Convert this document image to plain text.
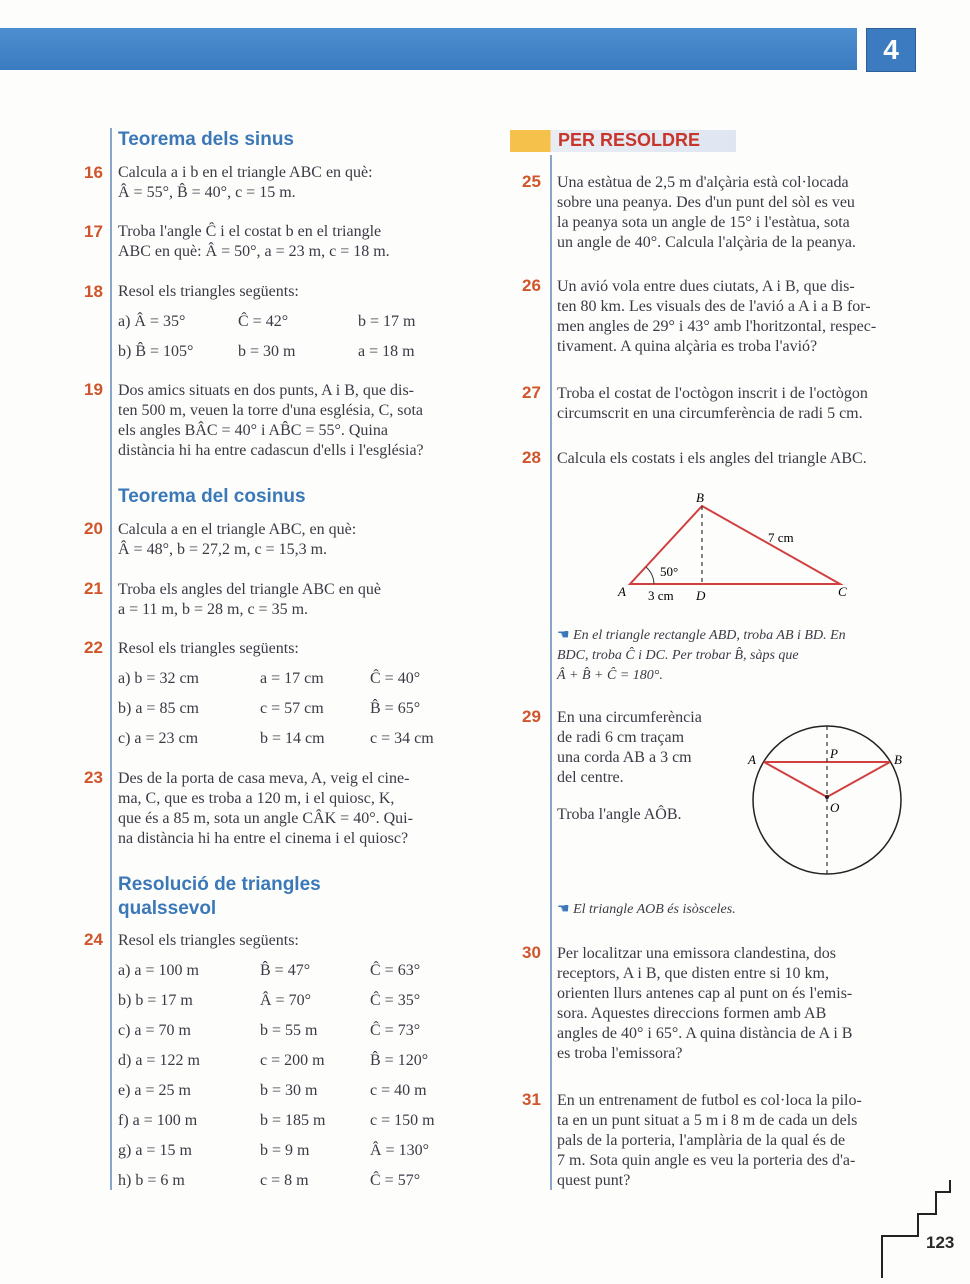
4
Teorema dels sinus
16 Calcula a i b en el triangle ABC en què:
Â = 55°, B̂ = 40°, c = 15 m.
17 Troba l'angle Ĉ i el costat b en el triangle
ABC en què: Â = 50°, a = 23 m, c = 18 m.
18 Resol els triangles següents:
a) Â = 35°	Ĉ = 42°	b = 17 m
b) B̂ = 105°	b = 30 m	a = 18 m
19 Dos amics situats en dos punts, A i B, que dis-
ten 500 m, veuen la torre d'una església, C, sota
els angles BÂC = 40° i AB̂C = 55°. Quina
distància hi ha entre cadascun d'ells i l'església?
Teorema del cosinus
20 Calcula a en el triangle ABC, en què:
Â = 48°, b = 27,2 m, c = 15,3 m.
21 Troba els angles del triangle ABC en què
a = 11 m, b = 28 m, c = 35 m.
22 Resol els triangles següents:
a) b = 32 cm	a = 17 cm	Ĉ = 40°
b) a = 85 cm	c = 57 cm	B̂ = 65°
c) a = 23 cm	b = 14 cm	c = 34 cm
23 Des de la porta de casa meva, A, veig el cine-
ma, C, que es troba a 120 m, i el quiosc, K,
que és a 85 m, sota un angle CÂK = 40°. Qui-
na distància hi ha entre el cinema i el quiosc?
Resolució de triangles
qualssevol
24 Resol els triangles següents:
a) a = 100 m	B̂ = 47°	Ĉ = 63°
b) b = 17 m	Â = 70°	Ĉ = 35°
c) a = 70 m	b = 55 m	Ĉ = 73°
d) a = 122 m	c = 200 m	B̂ = 120°
e) a = 25 m	b = 30 m	c = 40 m
f) a = 100 m	b = 185 m	c = 150 m
g) a = 15 m	b = 9 m	Â = 130°
h) b = 6 m	c = 8 m	Ĉ = 57°
PER RESOLDRE
25 Una estàtua de 2,5 m d'alçària està col·locada
sobre una peanya. Des d'un punt del sòl es veu
la peanya sota un angle de 15° i l'estàtua, sota
un angle de 40°. Calcula l'alçària de la peanya.
26 Un avió vola entre dues ciutats, A i B, que dis-
ten 80 km. Les visuals des de l'avió a A i a B for-
men angles de 29° i 43° amb l'horitzontal, respec-
tivament. A quina alçària es troba l'avió?
27 Troba el costat de l'octògon inscrit i de l'octògon
circumscrit en una circumferència de radi 5 cm.
28 Calcula els costats i els angles del triangle ABC.
B
A	C
D
50°
7 cm
3 cm
☚ En el triangle rectangle ABD, troba AB i BD. En
BDC, troba Ĉ i DC. Per trobar B̂, sàps que
Â + B̂ + Ĉ = 180°.
29 En una circumferència
de radi 6 cm traçam
una corda AB a 3 cm
del centre.
Troba l'angle AÔB.
A	B
P
O
☚ El triangle AOB és isòsceles.
30 Per localitzar una emissora clandestina, dos
receptors, A i B, que disten entre si 10 km,
orienten llurs antenes cap al punt on és l'emis-
sora. Aquestes direccions formen amb AB
angles de 40° i 65°. A quina distància de A i B
es troba l'emissora?
31 En un entrenament de futbol es col·loca la pilo-
ta en un punt situat a 5 m i 8 m de cada un dels
pals de la porteria, l'amplària de la qual és de
7 m. Sota quin angle es veu la porteria des d'a-
quest punt?
123
